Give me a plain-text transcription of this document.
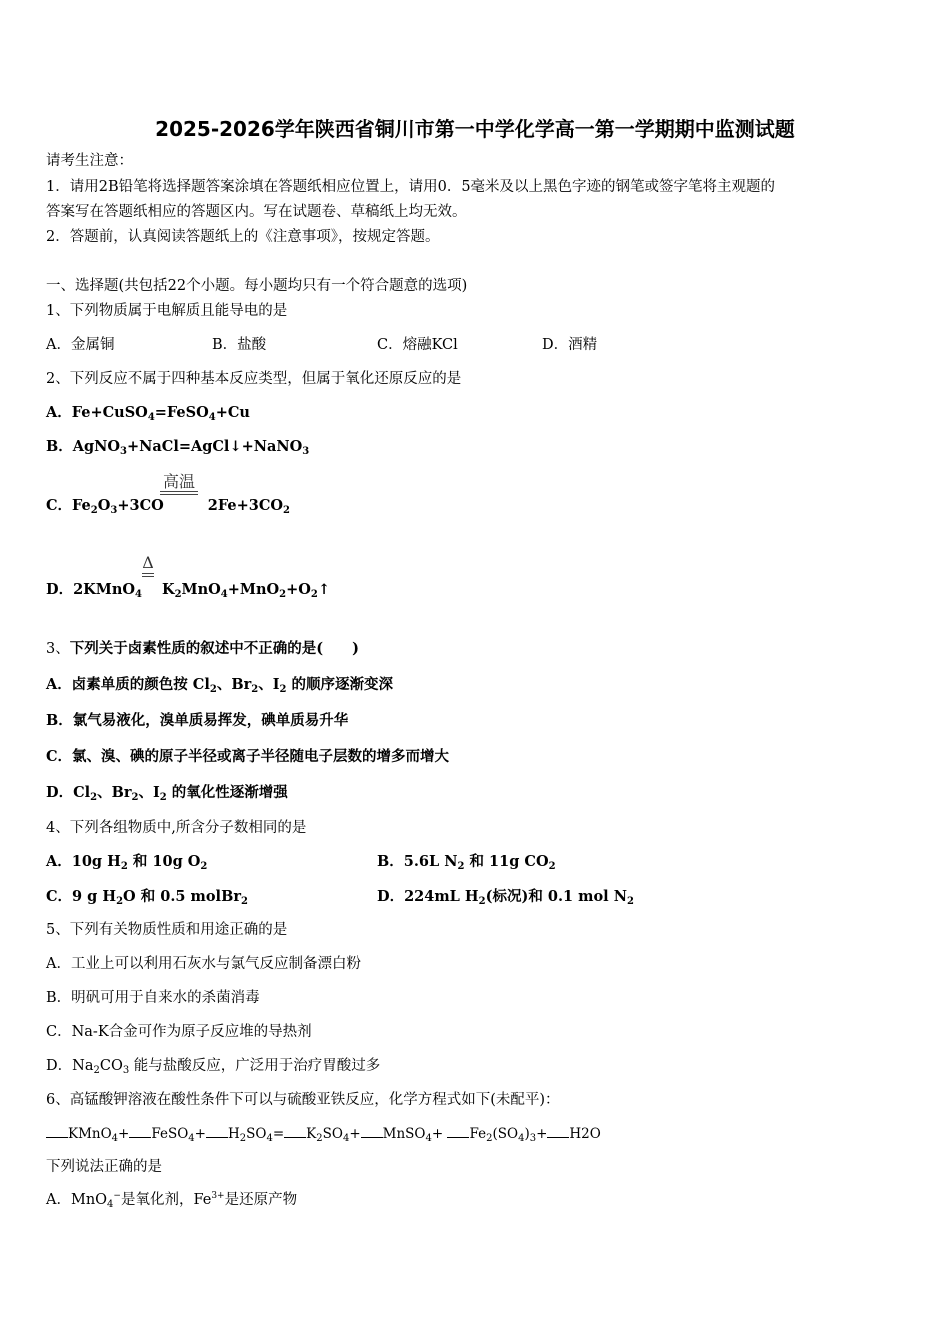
2025-2026学年陕西省铜川市第一中学化学高一第一学期期中监测试题
请考生注意：
1．请用2B铅笔将选择题答案涂填在答题纸相应位置上，请用0．5毫米及以上黑色字迹的钢笔或签字笔将主观题的
答案写在答题纸相应的答题区内。写在试题卷、草稿纸上均无效。
2．答题前，认真阅读答题纸上的《注意事项》，按规定答题。
一、选择题(共包括22个小题。每小题均只有一个符合题意的选项)
1、下列物质属于电解质且能导电的是
A．金属铜	B．盐酸	C．熔融KCl	D．酒精
2、下列反应不属于四种基本反应类型，但属于氧化还原反应的是
A．Fe+CuSO$_4$=FeSO$_4$+Cu
B．AgNO$_3$+NaCl=AgCl↓+NaNO$_3$
高温
C．$Fe_2O_3+3CO$	$2Fe+3CO_2$
Δ
D．2KMnO$_4$ $K_2MnO_4+MnO_2+O_2↑$
3、下列关于卤素性质的叙述中不正确的是(　　)
A．卤素单质的颜色按 $Cl_2$、$Br_2$、$I_2$ 的顺序逐渐变深
B．氯气易液化，溴单质易挥发，碘单质易升华
C．氯、溴、碘的原子半径或离子半径随电子层数的增多而增大
D．$Cl_2$、$Br_2$、$I_2$ 的氧化性逐渐增强
4、下列各组物质中,所含分子数相同的是
A．10g $H_2$ 和 10g $O_2$	B．5.6L $N_2$ 和 11g $CO_2$
C．9 g $H_2O$ 和 0.5 molBr$_2$	D．224mL $H_2$(标况)和 0.1 mol $N_2$
5、下列有关物质性质和用途正确的是
A．工业上可以利用石灰水与氯气反应制备漂白粉
B．明矾可用于自来水的杀菌消毒
C．Na-K合金可作为原子反应堆的导热剂
D．$Na_2CO_3$ 能与盐酸反应，广泛用于治疗胃酸过多
6、高锰酸钾溶液在酸性条件下可以与硫酸亚铁反应，化学方程式如下(未配平)：
KMnO$_4$+ FeSO$_4$+ $H_2SO_4= K_2SO_4+$ MnSO$_4$+ $Fe_2(SO_4)_3+ H2O$
下列说法正确的是
A．MnO$_4$−是氧化剂，$Fe^{3+}$是还原产物
